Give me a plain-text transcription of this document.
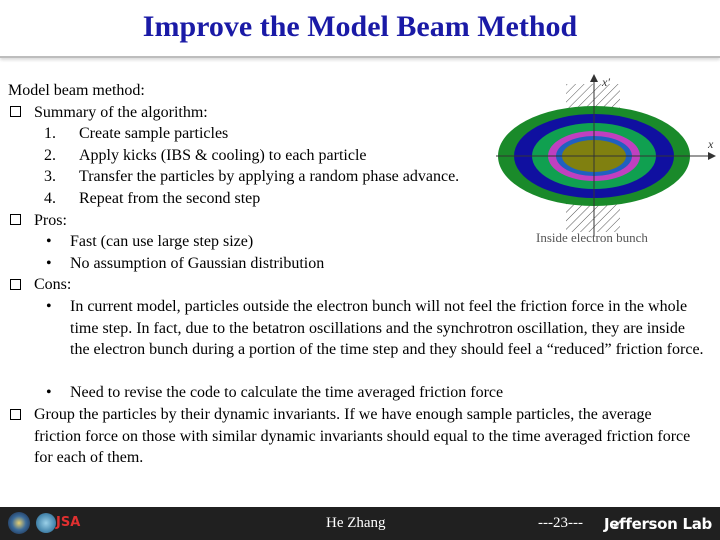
Improve the Model Beam Method
x
x′
Inside electron bunch
Model beam method:
Summary of the algorithm:
1. Create sample particles
2. Apply kicks (IBS & cooling) to each particle
3. Transfer the particles by applying a random phase advance.
4. Repeat from the second step
Pros:
• Fast (can use large step size)
• No assumption of Gaussian distribution
Cons:
• In current model, particles outside the electron bunch will not feel the friction force in the whole time step. In fact, due to the betatron oscillations and the synchrotron oscillation, they are inside the electron bunch during a portion of the time step and they should feel a “reduced” friction force.
• Need to revise the code to calculate the time averaged friction force
Group the particles by their dynamic invariants. If we have enough sample particles, the average friction force on those with similar dynamic invariants should equal to the time averaged friction force for each of them.
JSA	He Zhang	---23--- Jefferson Lab
